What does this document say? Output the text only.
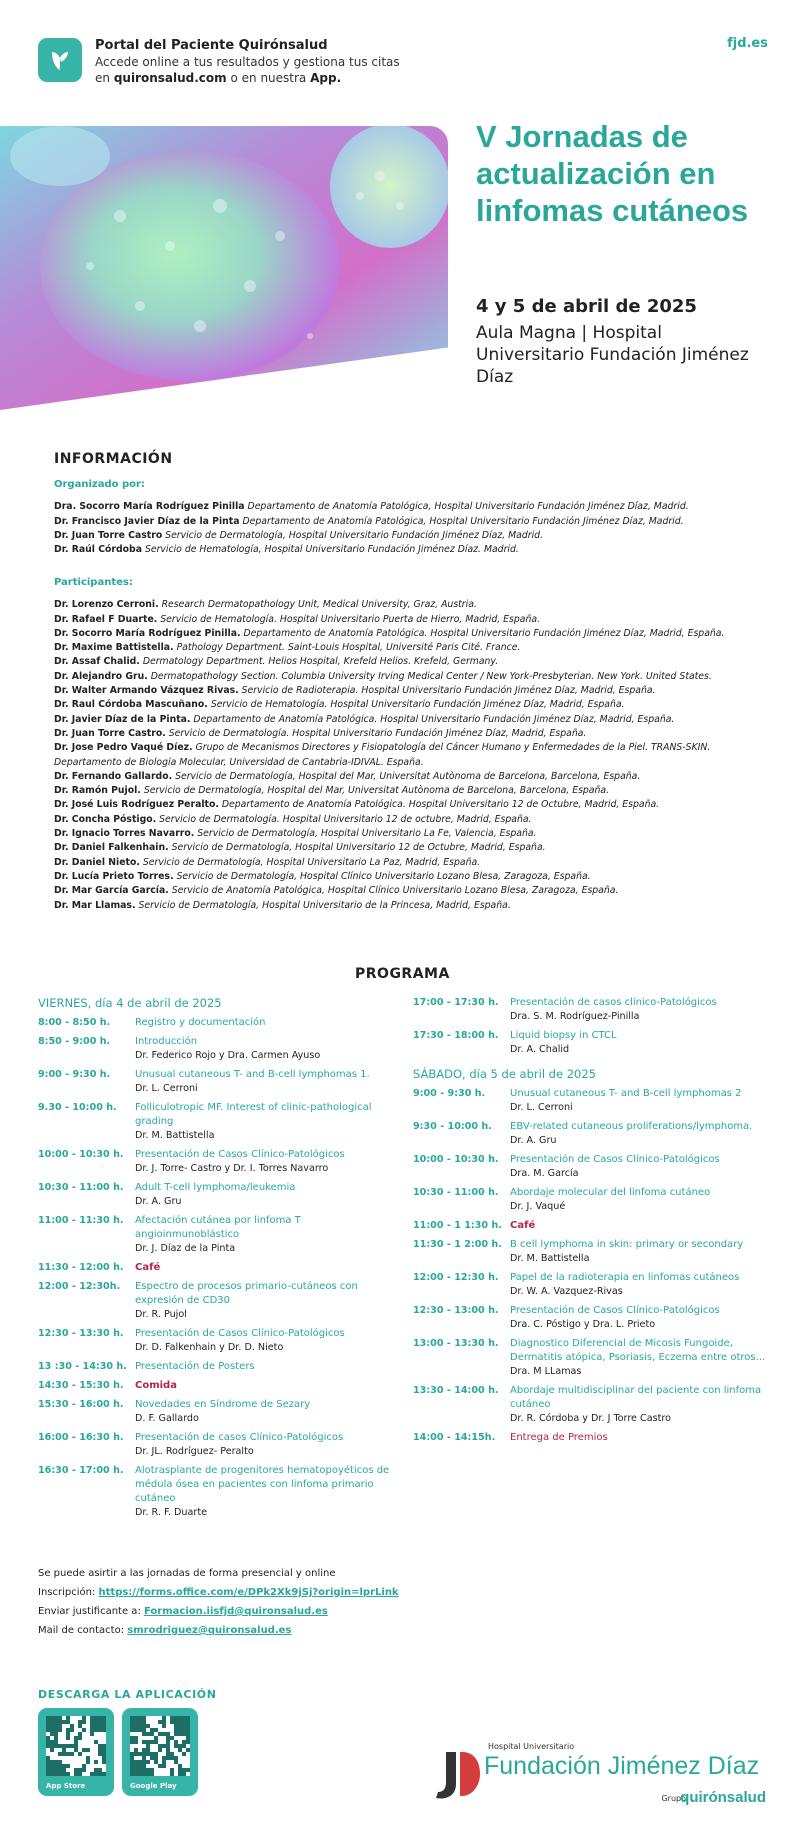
Portal del Paciente Quirónsalud
Accede online a tus resultados y gestiona tus citas
en quironsalud.com o en nuestra App.
fjd.es
V Jornadas de actualización en linfomas cutáneos
4 y 5 de abril de 2025
Aula Magna | Hospital Universitario Fundación Jiménez Díaz
INFORMACIÓN
Organizado por:
Dra. Socorro María Rodríguez Pinilla Departamento de Anatomía Patológica, Hospital Universitario Fundación Jiménez Díaz, Madrid.
Dr. Francisco Javier Díaz de la Pinta Departamento de Anatomía Patológica, Hospital Universitario Fundación Jiménez Díaz, Madrid.
Dr. Juan Torre Castro Servicio de Dermatología, Hospital Universitario Fundación Jiménez Díaz, Madrid.
Dr. Raúl Córdoba Servicio de Hematología, Hospital Universitario Fundación Jiménez Díaz. Madrid.
Participantes:
Dr. Lorenzo Cerroni. Research Dermatopathology Unit, Medical University, Graz, Austria.
Dr. Rafael F Duarte. Servicio de Hematología. Hospital Universitario Puerta de Hierro, Madrid, España.
Dr. Socorro María Rodríguez Pinilla. Departamento de Anatomía Patológica. Hospital Universitario Fundación Jiménez Díaz, Madrid, España.
Dr. Maxime Battistella. Pathology Department. Saint-Louis Hospital, Université Paris Cité. France.
Dr. Assaf Chalid. Dermatology Department. Helios Hospital, Krefeld Helios. Krefeld, Germany.
Dr. Alejandro Gru. Dermatopathology Section. Columbia University Irving Medical Center / New York-Presbyterian. New York. United States.
Dr. Walter Armando Vázquez Rivas. Servicio de Radioterapia. Hospital Universitario Fundación Jiménez Díaz, Madrid, España.
Dr. Raul Córdoba Mascuñano. Servicio de Hematología. Hospital Universitario Fundación Jiménez Díaz, Madrid, España.
Dr. Javier Díaz de la Pinta. Departamento de Anatomía Patológica. Hospital Universitario Fundación Jiménez Díaz, Madrid, España.
Dr. Juan Torre Castro. Servicio de Dermatología. Hospital Universitario Fundación Jiménez Díaz, Madrid, España.
Dr. Jose Pedro Vaqué Díez. Grupo de Mecanismos Directores y Fisiopatología del Cáncer Humano y Enfermedades de la Piel. TRANS-SKIN.
Departamento de Biología Molecular, Universidad de Cantabria-IDIVAL. España.
Dr. Fernando Gallardo. Servicio de Dermatología, Hospital del Mar, Universitat Autònoma de Barcelona, Barcelona, España.
Dr. Ramón Pujol. Servicio de Dermatología, Hospital del Mar, Universitat Autònoma de Barcelona, Barcelona, España.
Dr. José Luis Rodríguez Peralto. Departamento de Anatomía Patológica. Hospital Universitario 12 de Octubre, Madrid, España.
Dr. Concha Póstigo. Servicio de Dermatología. Hospital Universitario 12 de octubre, Madrid, España.
Dr. Ignacio Torres Navarro. Servicio de Dermatología, Hospital Universitario La Fe, Valencia, España.
Dr. Daniel Falkenhain. Servicio de Dermatología, Hospital Universitario 12 de Octubre, Madrid, España.
Dr. Daniel Nieto. Servicio de Dermatología, Hospital Universitario La Paz, Madrid, España.
Dr. Lucía Prieto Torres. Servicio de Dermatología, Hospital Clínico Universitario Lozano Blesa, Zaragoza, España.
Dr. Mar García García. Servicio de Anatomía Patológica, Hospital Clínico Universitario Lozano Blesa, Zaragoza, España.
Dr. Mar Llamas. Servicio de Dermatología, Hospital Universitario de la Princesa, Madrid, España.
PROGRAMA
VIERNES, día 4 de abril de 2025
8:00 - 8:50 h.	Registro y documentación
8:50 - 9:00 h.	Introducción
Dr. Federico Rojo y Dra. Carmen Ayuso
9:00 - 9:30 h.	Unusual cutaneous T- and B-cell lymphomas 1.
Dr. L. Cerroni
9.30 - 10:00 h.	Folliculotropic MF. Interest of clinic-pathological grading
Dr. M. Battistella
10:00 - 10:30 h.	Presentación de Casos Clínico-Patológicos
Dr. J. Torre- Castro y Dr. I. Torres Navarro
10:30 - 11:00 h.	Adult T-cell lymphoma/leukemia
Dr. A. Gru
11:00 - 11:30 h.	Afectación cutánea por linfoma T angioinmunoblástico
Dr. J. Díaz de la Pinta
11:30 - 12:00 h.	Café
12:00 - 12:30h.	Espectro de procesos primario-cutáneos con expresión de CD30
Dr. R. Pujol
12:30 - 13:30 h.	Presentación de Casos Clínico-Patológicos
Dr. D. Falkenhain y Dr. D. Nieto
13 :30 - 14:30 h. Presentación de Posters
14:30 - 15:30 h.	Comida
15:30 - 16:00 h.	Novedades en Síndrome de Sezary
D. F. Gallardo
16:00 - 16:30 h.	Presentación de casos Clínico-Patológicos
Dr. JL. Rodríguez- Peralto
16:30 - 17:00 h.	Alotrasplante de progenitores hematopoyéticos de médula ósea en pacientes con linfoma primario cutáneo
Dr. R. F. Duarte
17:00 - 17:30 h.	Presentación de casos clínico-Patológicos
Dra. S. M. Rodríguez-Pinilla
17:30 - 18:00 h.	Liquid biopsy in CTCL
Dr. A. Chalid
SÁBADO, día 5 de abril de 2025
9:00 - 9:30 h.	Unusual cutaneous T- and B-cell lymphomas 2
Dr. L. Cerroni
9:30 - 10:00 h.	EBV-related cutaneous proliferations/lymphoma.
Dr. A. Gru
10:00 - 10:30 h.	Presentación de Casos Clínico-Patológicos
Dra. M. García
10:30 - 11:00 h.	Abordaje molecular del linfoma cutáneo
Dr. J. Vaqué
11:00 - 1 1:30 h. Café
11:30 - 1 2:00 h. B cell lymphoma in skin: primary or secondary
Dr. M. Battistella
12:00 - 12:30 h.	Papel de la radioterapia en linfomas cutáneos
Dr. W. A. Vazquez-Rivas
12:30 - 13:00 h.	Presentación de Casos Clínico-Patológicos
Dra. C. Póstigo y Dra. L. Prieto
13:00 - 13:30 h.	Diagnostico Diferencial de Micosis Fungoide, Dermatitis atópica, Psoriasis, Eczema entre otros...
Dra. M LLamas
13:30 - 14:00 h.	Abordaje multidisciplinar del paciente con linfoma cutáneo
Dr. R. Córdoba y Dr. J Torre Castro
14:00 - 14:15h.	Entrega de Premios
Se puede asirtir a las jornadas de forma presencial y online
Inscripción: https://forms.office.com/e/DPk2Xk9jSj?origin=lprLink
Enviar justificante a: Formacion.iisfjd@quironsalud.es
Mail de contacto: smrodriguez@quironsalud.es
DESCARGA LA APLICACIÓN
App Store	Google Play
Hospital Universitario
Fundación Jiménez Díaz
Grupo
quirónsalud
